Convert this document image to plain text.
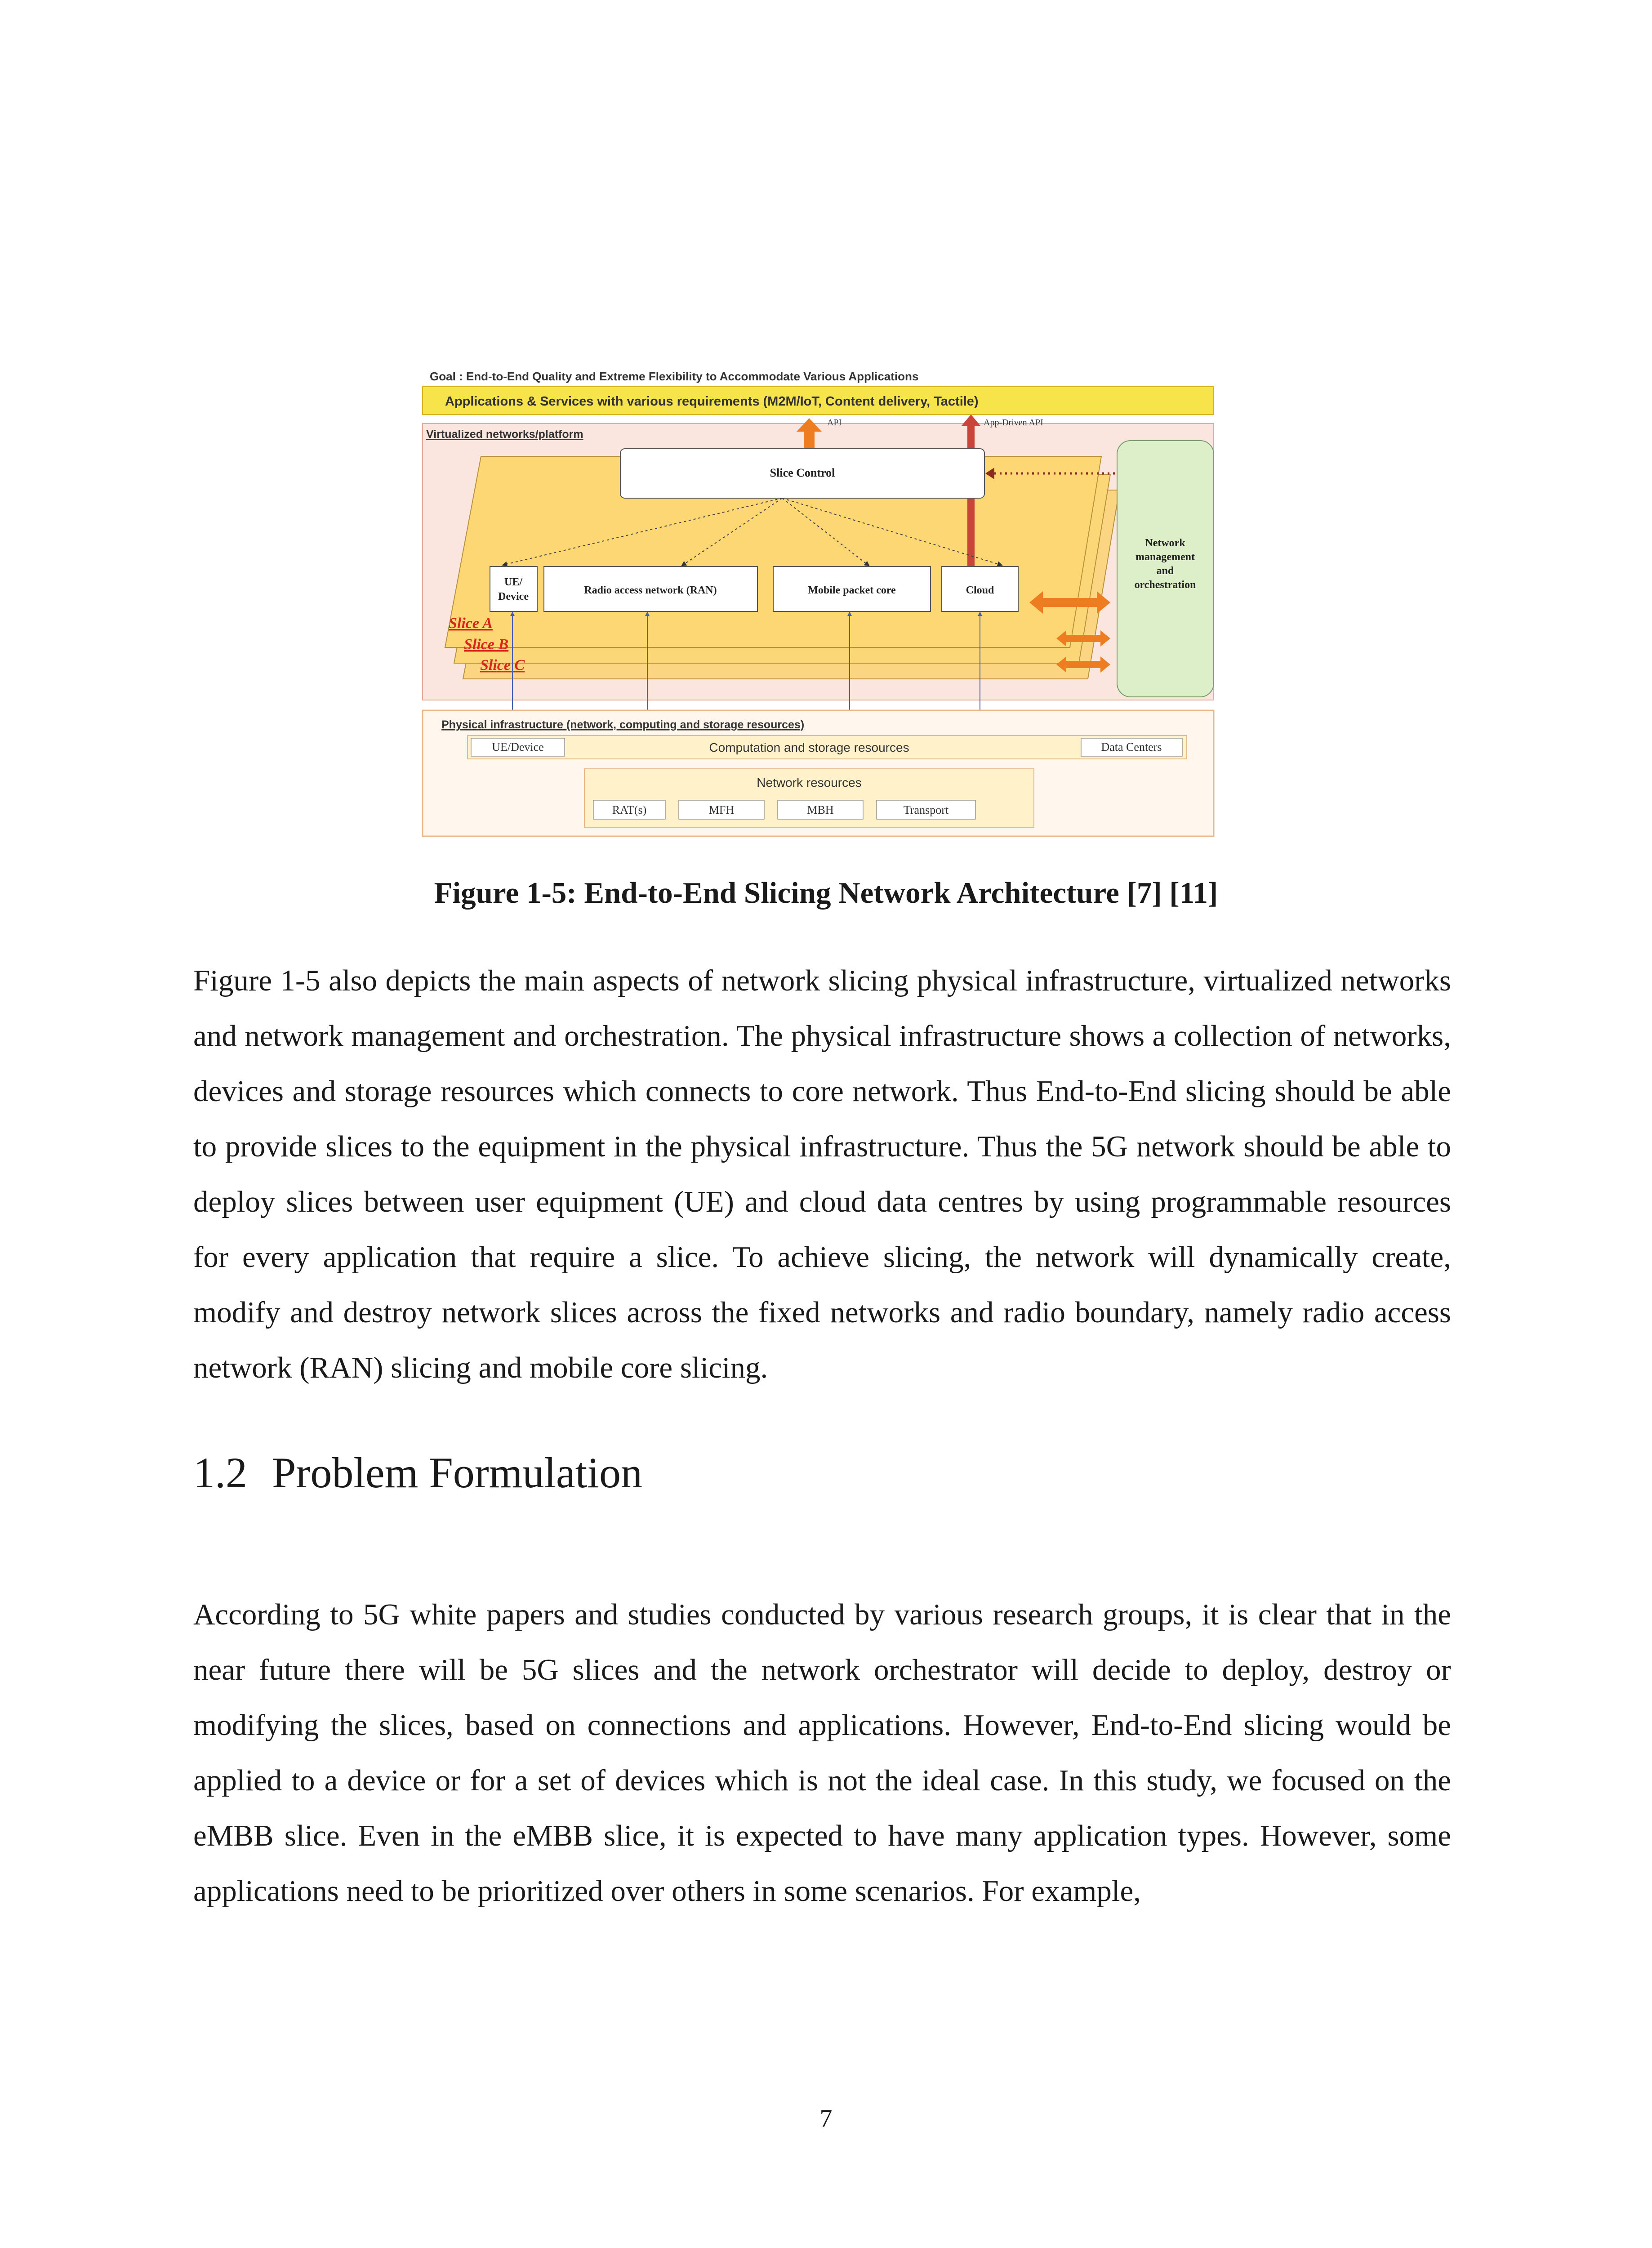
Goal : End-to-End Quality and Extreme Flexibility to Accommodate Various Applications
Applications & Services with various requirements (M2M/IoT, Content delivery, Tactile)
Virtualized networks/platform
Slice A
Slice B
Slice C
API	App-Driven API
Slice Control
UE/
Device
Radio access network (RAN)	Mobile packet core	Cloud
Network
management
and
orchestration
Physical infrastructure (network, computing and storage resources)
UE/Device	Computation and storage resources	Data Centers
Network resources
RAT(s)	MFH	MBH	Transport
Figure 1-5: End-to-End Slicing Network Architecture [7] [11]

Figure 1-5 also depicts the main aspects of network slicing physical infrastructure, virtualized networks and network management and orchestration. The physical infrastructure shows a collection of networks, devices and storage resources which connects to core network. Thus End-to-End slicing should be able to provide slices to the equipment in the physical infrastructure. Thus the 5G network should be able to deploy slices between user equipment (UE) and cloud data centres by using programmable resources for every application that require a slice. To achieve slicing, the network will dynamically create, modify and destroy network slices across the fixed networks and radio boundary, namely radio access network (RAN) slicing and mobile core slicing.

1.2 Problem Formulation

According to 5G white papers and studies conducted by various research groups, it is clear that in the near future there will be 5G slices and the network orchestrator will decide to deploy, destroy or modifying the slices, based on connections and applications. However, End-to-End slicing would be applied to a device or for a set of devices which is not the ideal case. In this study, we focused on the eMBB slice. Even in the eMBB slice, it is expected to have many application types. However, some applications need to be prioritized over others in some scenarios. For example,

7
